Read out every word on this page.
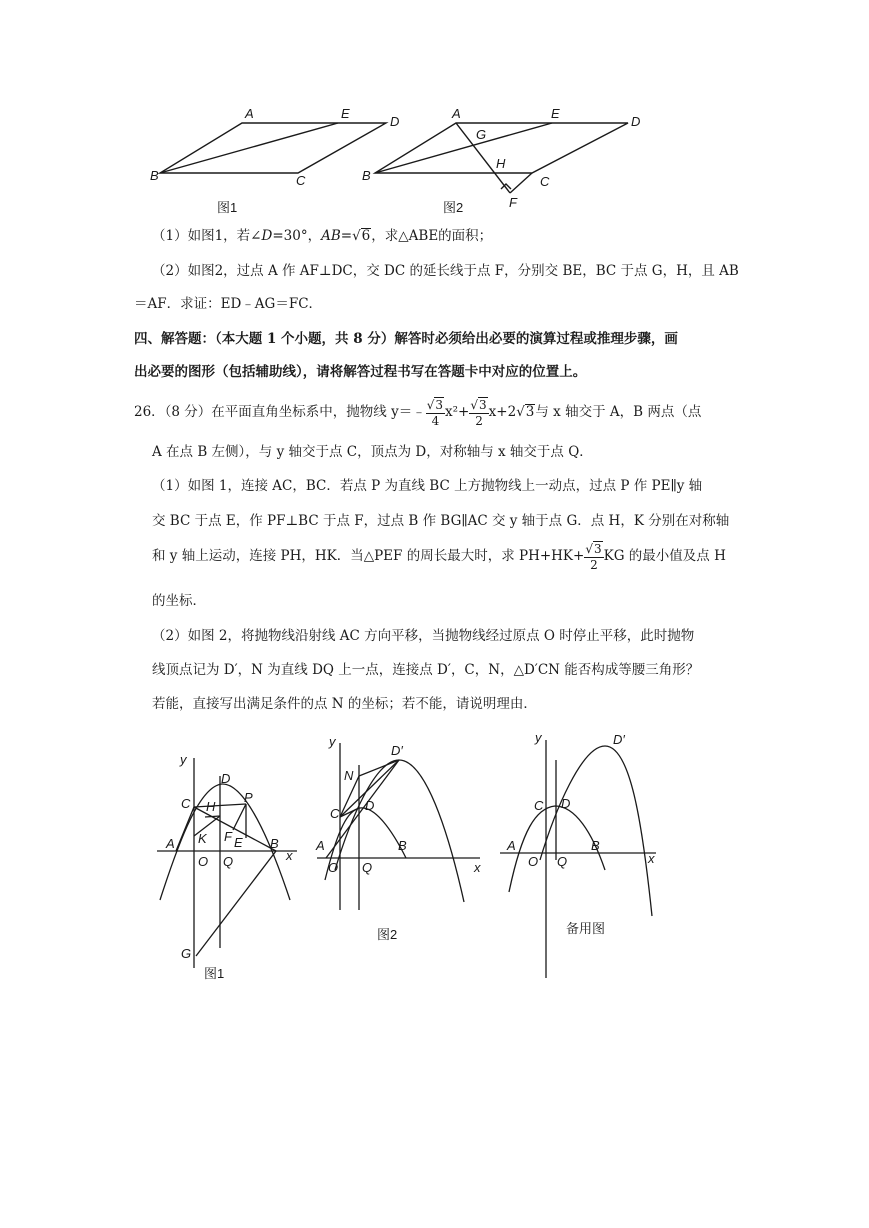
A	E
D
B	C
A
G
E
D
H
B	C
F
图1	图2
（1）如图1，若∠D=30°，AB=√6，求△ABE的面积；
（2）如图2，过点 A 作 AF⊥DC，交 DC 的延长线于点 F，分别交 BE，BC 于点 G，H，且 AB
＝AF．求证：ED﹣AG＝FC．
四、解答题：（本大题 1 个小题，共 8 分）解答时必须给出必要的演算过程或推理步骤，画
出必要的图形（包括辅助线），请将解答过程书写在答题卡中对应的位置上。
26．（8 分）在平面直角坐标系中，抛物线 y＝﹣ $\frac{√3}{4} x^2+ \frac{√3}{2} x+2√3$与 x 轴交于 A，B 两点（点
A 在点 B 左侧），与 y 轴交于点 C，顶点为 D，对称轴与 x 轴交于点 Q．
（1）如图 1，连接 AC，BC．若点 P 为直线 BC 上方抛物线上一动点，过点 P 作 PE∥y 轴
交 BC 于点 E，作 PF⊥BC 于点 F，过点 B 作 BG∥AC 交 y 轴于点 G．点 H，K 分别在对称轴
和 y 轴上运动，连接 PH，HK．当△PEF 的周长最大时，求 $PH+HK+ \frac{√3}{2}$ KG 的最小值及点 H
的坐标．
（2）如图 2，将抛物线沿射线 AC 方向平移，当抛物线经过原点 O 时停止平移，此时抛物
线顶点记为 D′，N 为直线 DQ 上一点，连接点 D′，C，N，△D′CN 能否构成等腰三角形？
若能，直接写出满足条件的点 N 的坐标；若不能，请说明理由．
y
D
P
C H
K F E
A
O Q
B
x
G
y
D′
N
C
D
A
O Q
B
x
y	D′
C D
A
O Q
B
x
图1
图2	备用图
